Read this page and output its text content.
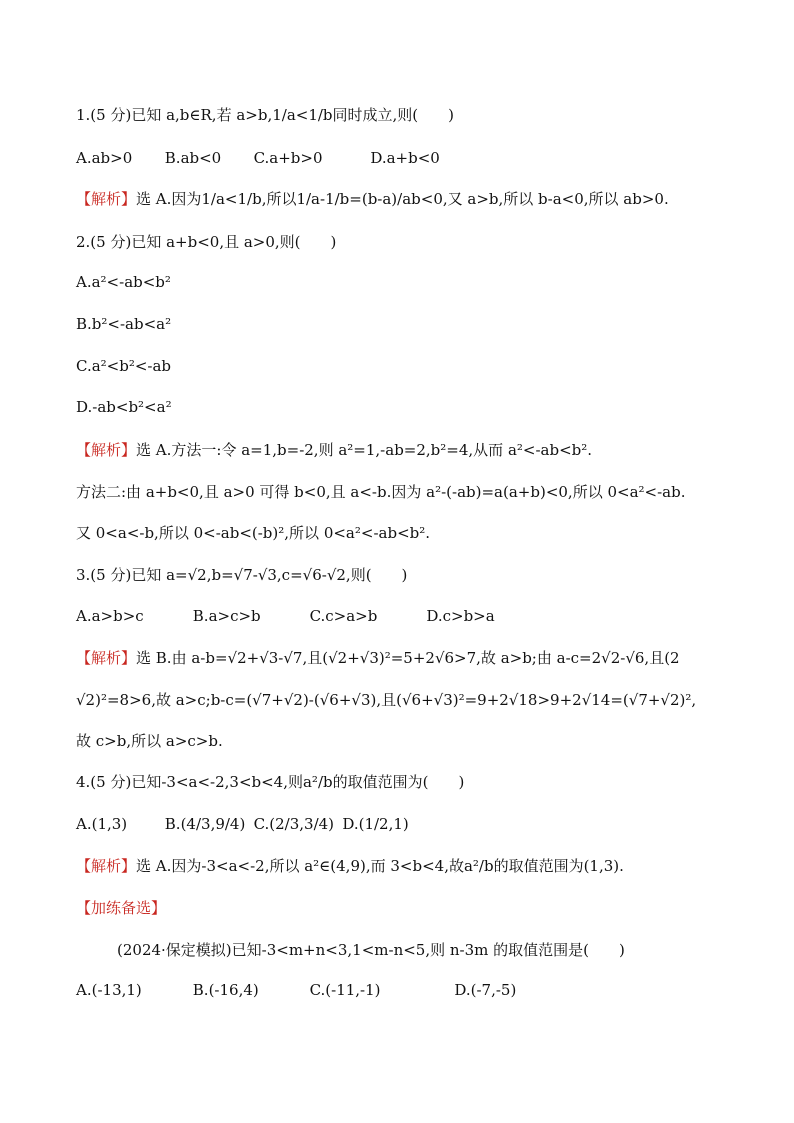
1.(5 分)已知 a,b∈R,若 a>b,1/a<1/b同时成立,则(　　)
A.ab>0 B.ab<0 C.a+b>0	D.a+b<0
【解析】选 A.因为1/a<1/b,所以1/a-1/b=(b-a)/ab<0,又 a>b,所以 b-a<0,所以 ab>0.
2.(5 分)已知 a+b<0,且 a>0,则(　　)
A.a²<-ab<b²
B.b²<-ab<a²
C.a²<b²<-ab
D.-ab<b²<a²
【解析】选 A.方法一:令 a=1,b=-2,则 a²=1,-ab=2,b²=4,从而 a²<-ab<b².
方法二:由 a+b<0,且 a>0 可得 b<0,且 a<-b.因为 a²-(-ab)=a(a+b)<0,所以 0<a²<-ab.
又 0<a<-b,所以 0<-ab<(-b)²,所以 0<a²<-ab<b².
3.(5 分)已知 a=√2,b=√7-√3,c=√6-√2,则(　　)
A.a>b>c	B.a>c>b	C.c>a>b	D.c>b>a
【解析】选 B.由 a-b=√2+√3-√7,且(√2+√3)²=5+2√6>7,故 a>b;由 a-c=2√2-√6,且(2
√2)²=8>6,故 a>c;b-c=(√7+√2)-(√6+√3),且(√6+√3)²=9+2√18>9+2√14=(√7+√2)²,
故 c>b,所以 a>c>b.
4.(5 分)已知-3<a<-2,3<b<4,则a²/b的取值范围为(　　)
A.(1,3)	B.(4/3,9/4) C.(2/3,3/4) D.(1/2,1)
【解析】选 A.因为-3<a<-2,所以 a²∈(4,9),而 3<b<4,故a²/b的取值范围为(1,3).
【加练备选】
(2024·保定模拟)已知-3<m+n<3,1<m-n<5,则 n-3m 的取值范围是(　　)
A.(-13,1)	B.(-16,4)	C.(-11,-1)	D.(-7,-5)
